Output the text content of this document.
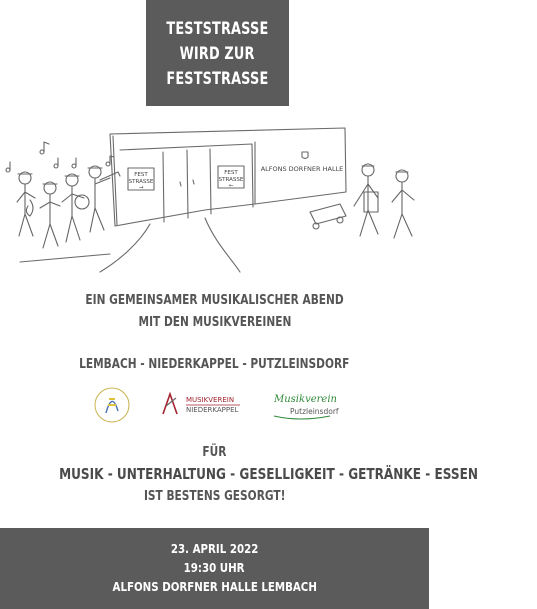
TESTSTRASSE
WIRD ZUR
FESTSTRASSE
FEST
STRASSE
→
FEST
STRASSE
←
ALFONS DORFNER HALLE
EIN GEMEINSAMER MUSIKALISCHER ABEND
MIT DEN MUSIKVEREINEN
LEMBACH - NIEDERKAPPEL - PUTZLEINSDORF
MUSIKVEREIN
NIEDERKAPPEL
Musikverein
Putzleinsdorf
FÜR
MUSIK - UNTERHALTUNG - GESELLIGKEIT - GETRÄNKE - ESSEN
IST BESTENS GESORGT!
23. APRIL 2022
19:30 UHR
ALFONS DORFNER HALLE LEMBACH
